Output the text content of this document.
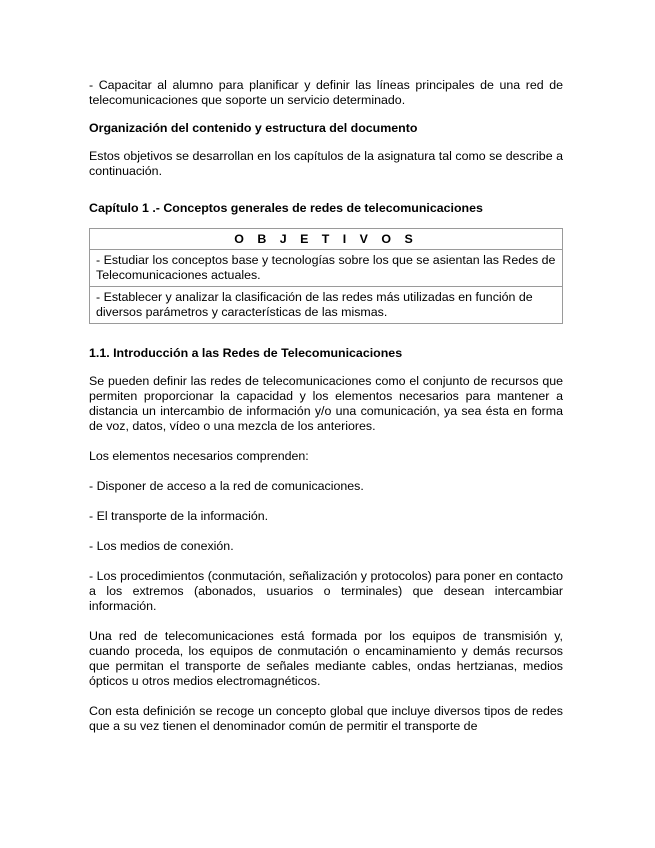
- Capacitar al alumno para planificar y definir las líneas principales de una red de telecomunicaciones que soporte un servicio determinado.

Organización del contenido y estructura del documento

Estos objetivos se desarrollan en los capítulos de la asignatura tal como se describe a continuación.

Capítulo 1 .- Conceptos generales de redes de telecomunicaciones
O B J E T I V O S
- Estudiar los conceptos base y tecnologías sobre los que se asientan las Redes de Telecomunicaciones actuales.
- Establecer y analizar la clasificación de las redes más utilizadas en función de diversos parámetros y características de las mismas.
1.1. Introducción a las Redes de Telecomunicaciones

Se pueden definir las redes de telecomunicaciones como el conjunto de recursos que permiten proporcionar la capacidad y los elementos necesarios para mantener a distancia un intercambio de información y/o una comunicación, ya sea ésta en forma de voz, datos, vídeo o una mezcla de los anteriores.

Los elementos necesarios comprenden:

- Disponer de acceso a la red de comunicaciones.

- El transporte de la información.

- Los medios de conexión.

- Los procedimientos (conmutación, señalización y protocolos) para poner en contacto a los extremos (abonados, usuarios o terminales) que desean intercambiar información.

Una red de telecomunicaciones está formada por los equipos de transmisión y, cuando proceda, los equipos de conmutación o encaminamiento y demás recursos que permitan el transporte de señales mediante cables, ondas hertzianas, medios ópticos u otros medios electromagnéticos.

Con esta definición se recoge un concepto global que incluye diversos tipos de redes que a su vez tienen el denominador común de permitir el transporte de
